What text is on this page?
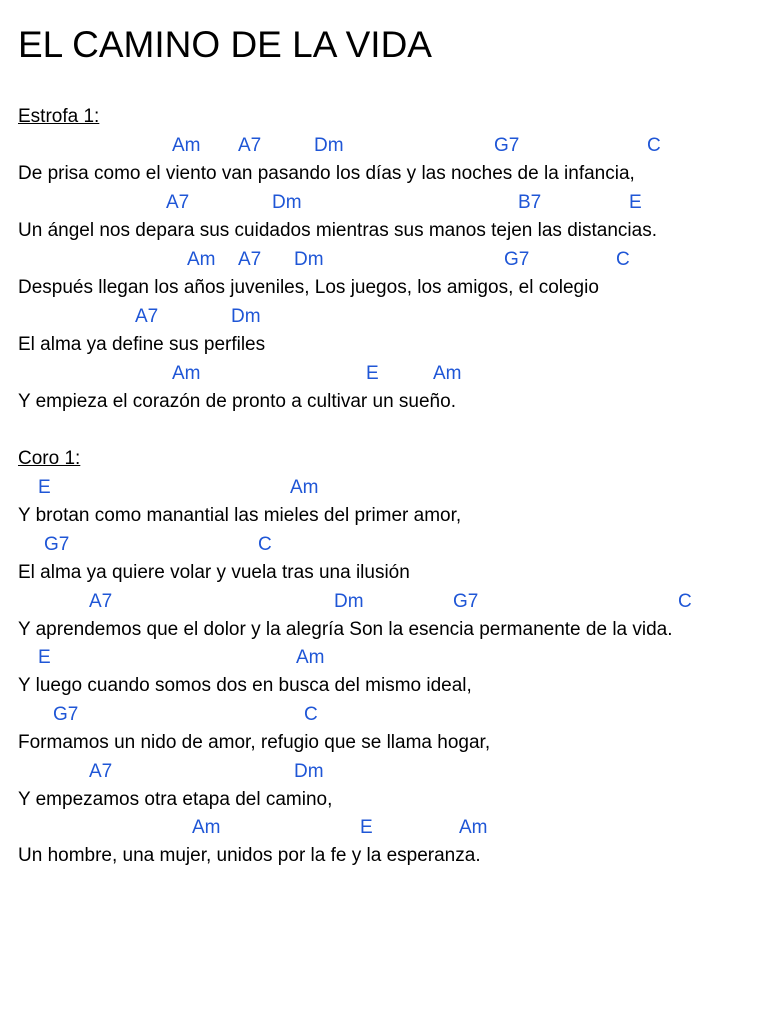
EL CAMINO DE LA VIDA
Estrofa 1:
Am A7	Dm	G7	C
De prisa como el viento van pasando los días y las noches de la infancia,
A7	Dm	B7	E
Un ángel nos depara sus cuidados mientras sus manos tejen las distancias.
Am A7 Dm	G7	C
Después llegan los años juveniles, Los juegos, los amigos, el colegio
A7	Dm
El alma ya define sus perfiles
Am	E	Am
Y empieza el corazón de pronto a cultivar un sueño.
Coro 1:
E	Am
Y brotan como manantial las mieles del primer amor,
G7	C
El alma ya quiere volar y vuela tras una ilusión
A7	Dm	G7	C
Y aprendemos que el dolor y la alegría Son la esencia permanente de la vida.
E	Am
Y luego cuando somos dos en busca del mismo ideal,
G7	C
Formamos un nido de amor, refugio que se llama hogar,
A7	Dm
Y empezamos otra etapa del camino,
Am	E	Am
Un hombre, una mujer, unidos por la fe y la esperanza.
